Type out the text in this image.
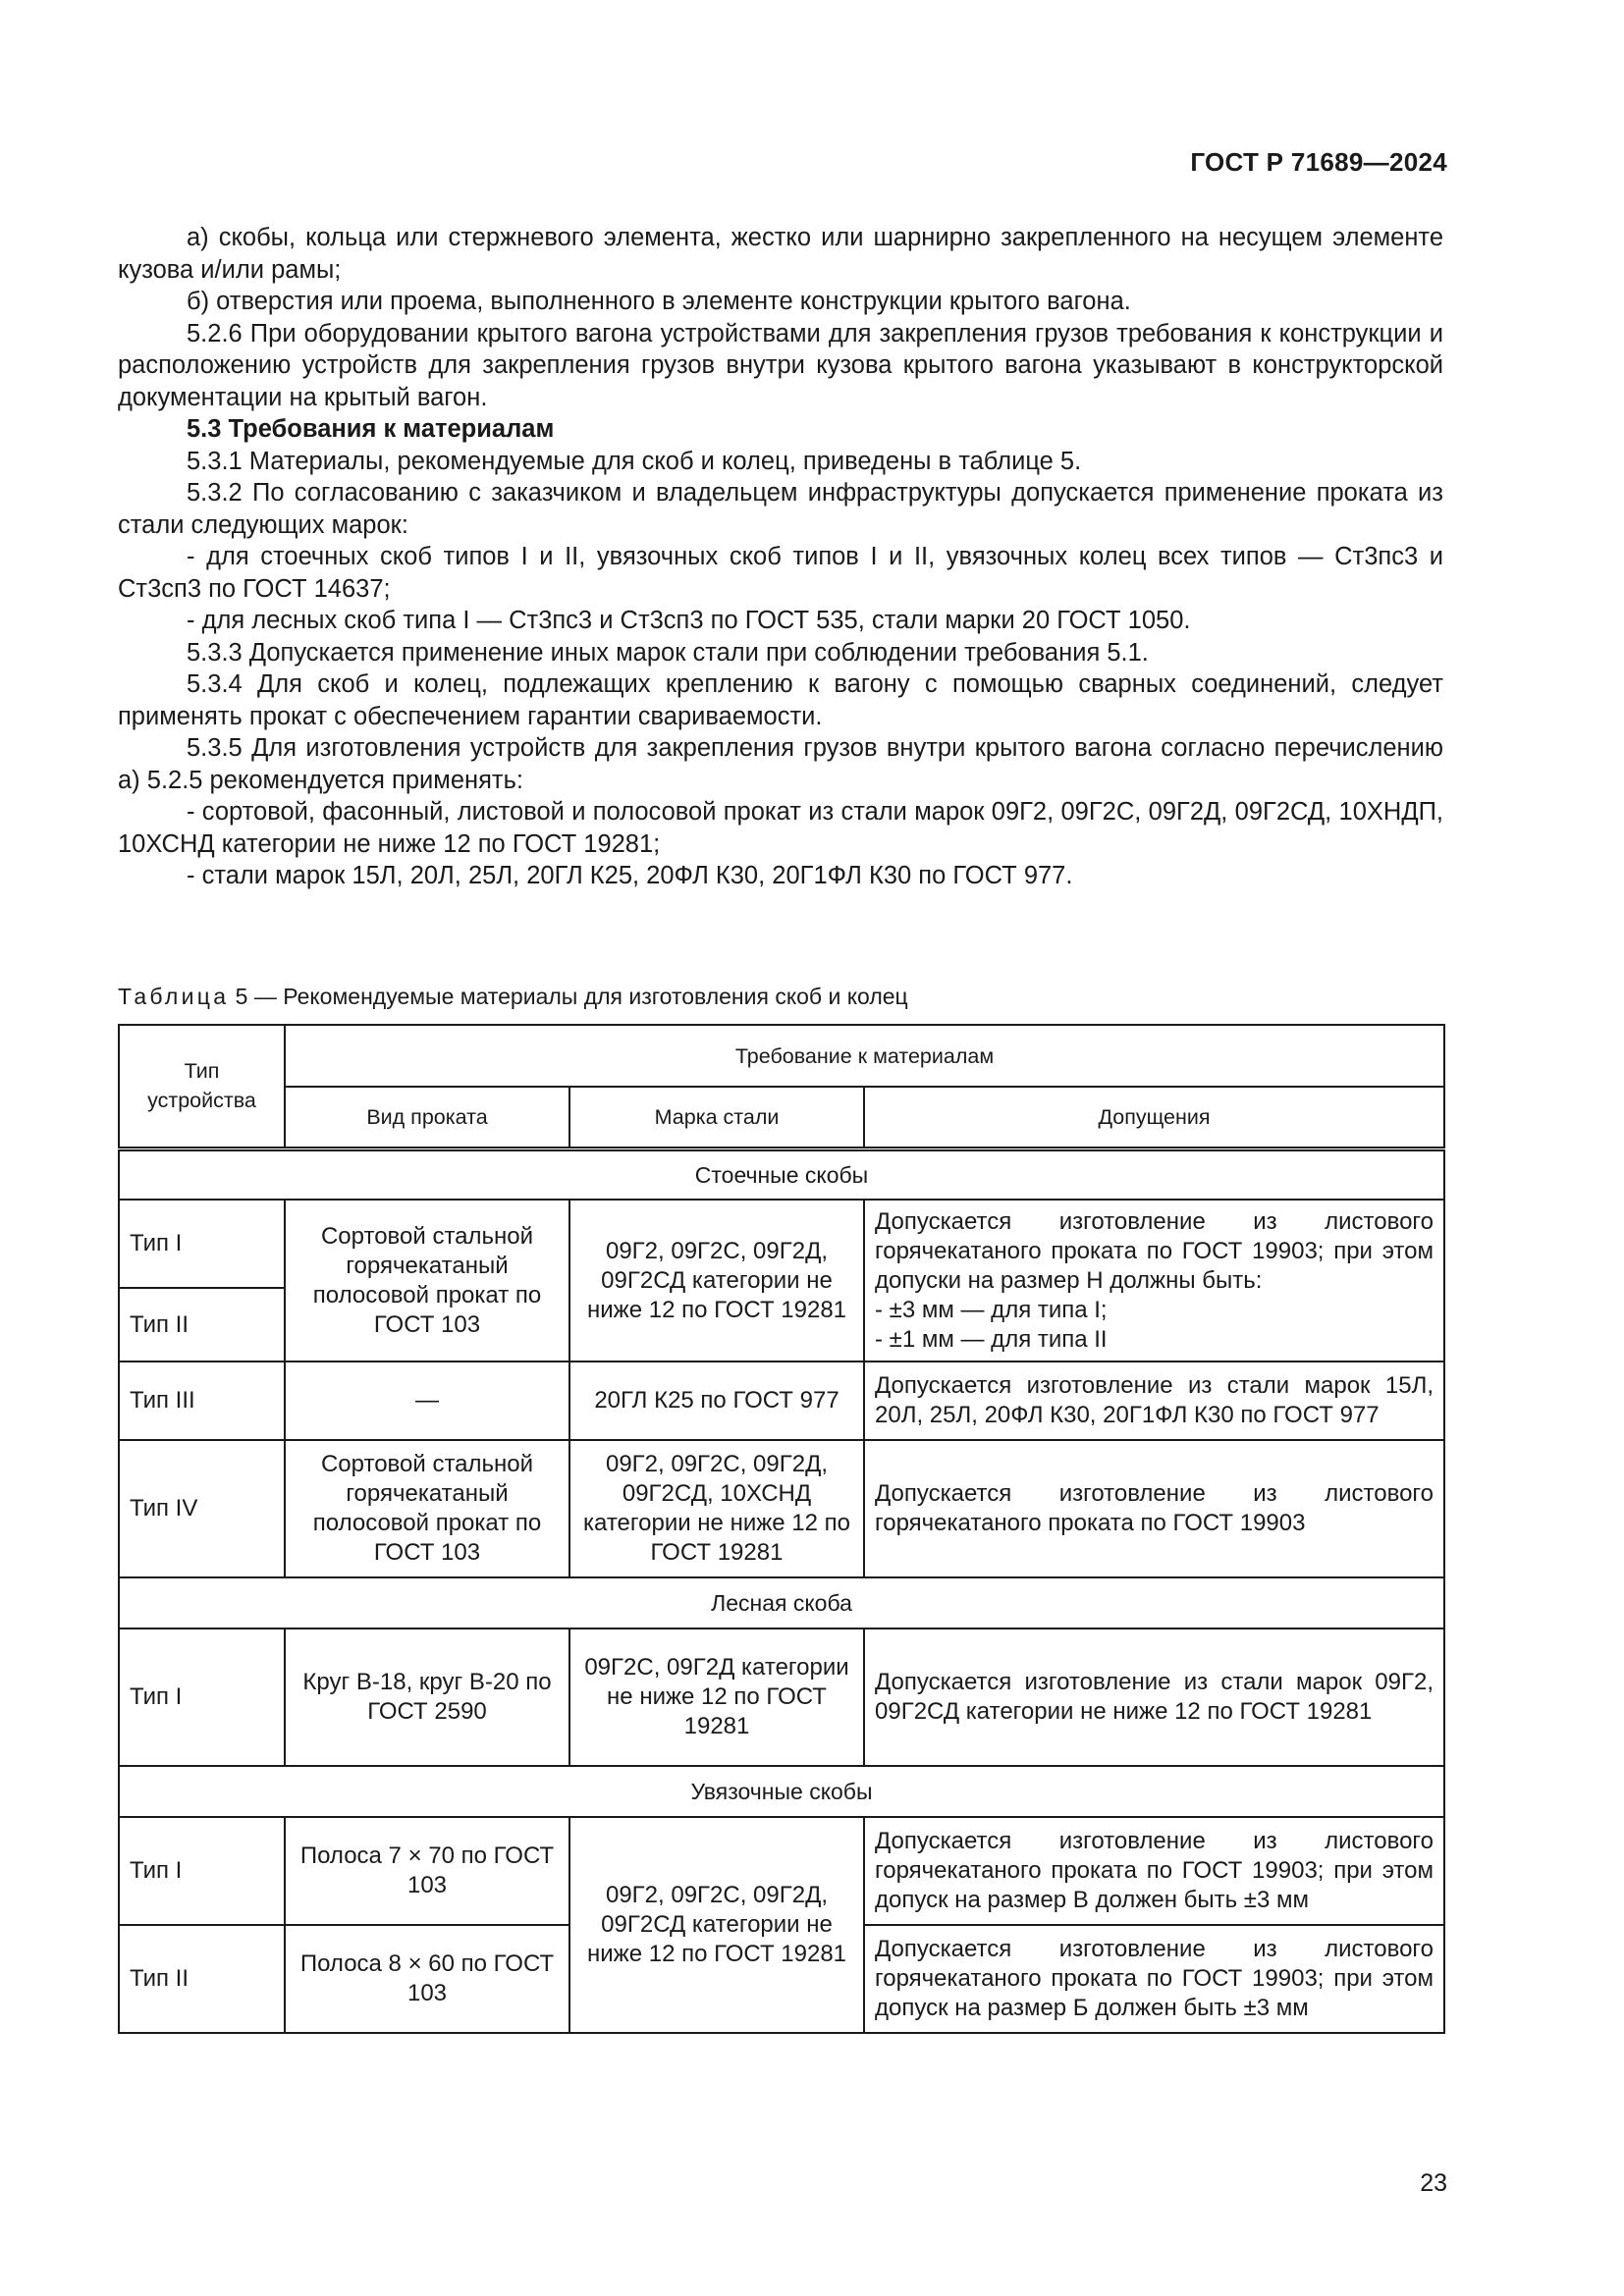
ГОСТ Р 71689—2024

а) скобы, кольца или стержневого элемента, жестко или шарнирно закрепленного на несущем элементе кузова и/или рамы;

б) отверстия или проема, выполненного в элементе конструкции крытого вагона.

5.2.6 При оборудовании крытого вагона устройствами для закрепления грузов требования к конструкции и расположению устройств для закрепления грузов внутри кузова крытого вагона указывают в конструкторской документации на крытый вагон.

5.3 Требования к материалам

5.3.1 Материалы, рекомендуемые для скоб и колец, приведены в таблице 5.

5.3.2 По согласованию с заказчиком и владельцем инфраструктуры допускается применение проката из стали следующих марок:

- для стоечных скоб типов I и II, увязочных скоб типов I и II, увязочных колец всех типов — Ст3пс3 и Ст3сп3 по ГОСТ 14637;

- для лесных скоб типа I — Ст3пс3 и Ст3сп3 по ГОСТ 535, стали марки 20 ГОСТ 1050.

5.3.3 Допускается применение иных марок стали при соблюдении требования 5.1.

5.3.4 Для скоб и колец, подлежащих креплению к вагону с помощью сварных соединений, следует применять прокат с обеспечением гарантии свариваемости.

5.3.5 Для изготовления устройств для закрепления грузов внутри крытого вагона согласно перечислению а) 5.2.5 рекомендуется применять:

- сортовой, фасонный, листовой и полосовой прокат из стали марок 09Г2, 09Г2С, 09Г2Д, 09Г2СД, 10ХНДП, 10ХСНД категории не ниже 12 по ГОСТ 19281;

- стали марок 15Л, 20Л, 25Л, 20ГЛ К25, 20ФЛ К30, 20Г1ФЛ К30 по ГОСТ 977.

Таблица 5 — Рекомендуемые материалы для изготовления скоб и колец
Тип устройства	Требование к материалам		
	Вид проката	Марка стали	Допущения
Стоечные скобы			
Тип I	Сортовой стальной горячекатаный полосовой прокат по ГОСТ 103	09Г2, 09Г2С, 09Г2Д, 09Г2СД категории не ниже 12 по ГОСТ 19281	Допускается изготовление из листового
горячекатаного проката по ГОСТ 19903; при этом допуски на размер Н должны быть:
- ±3 мм — для типа I;
- ±1 мм — для типа II

Тип II			
Тип III	—	20ГЛ К25 по ГОСТ 977	Допускается изготовление из стали марок 15Л, 20Л, 25Л, 20ФЛ К30, 20Г1ФЛ К30 по ГОСТ 977
Тип IV	Сортовой стальной горячекатаный полосовой прокат по ГОСТ 103	09Г2, 09Г2С, 09Г2Д, 09Г2СД, 10ХСНД категории не ниже 12 по ГОСТ 19281	Допускается изготовление из листового горячекатаного проката по ГОСТ 19903
Лесная скоба			
Тип I	Круг В-18, круг В-20 по ГОСТ 2590	09Г2С, 09Г2Д категории не ниже 12 по ГОСТ 19281	Допускается изготовление из стали марок 09Г2, 09Г2СД категории не ниже 12 по ГОСТ 19281
Увязочные скобы			
Тип I	Полоса 7 × 70 по ГОСТ 103	09Г2, 09Г2С, 09Г2Д, 09Г2СД категории не ниже 12 по ГОСТ 19281	Допускается изготовление из листового
горячекатаного проката по ГОСТ 19903; при этом допуск на размер В должен быть ±3 мм

Тип II	Полоса 8 × 60 по ГОСТ 103		Допускается изготовление из листового
горячекатаного проката по ГОСТ 19903; при этом допуск на размер Б должен быть ±3 мм
23
